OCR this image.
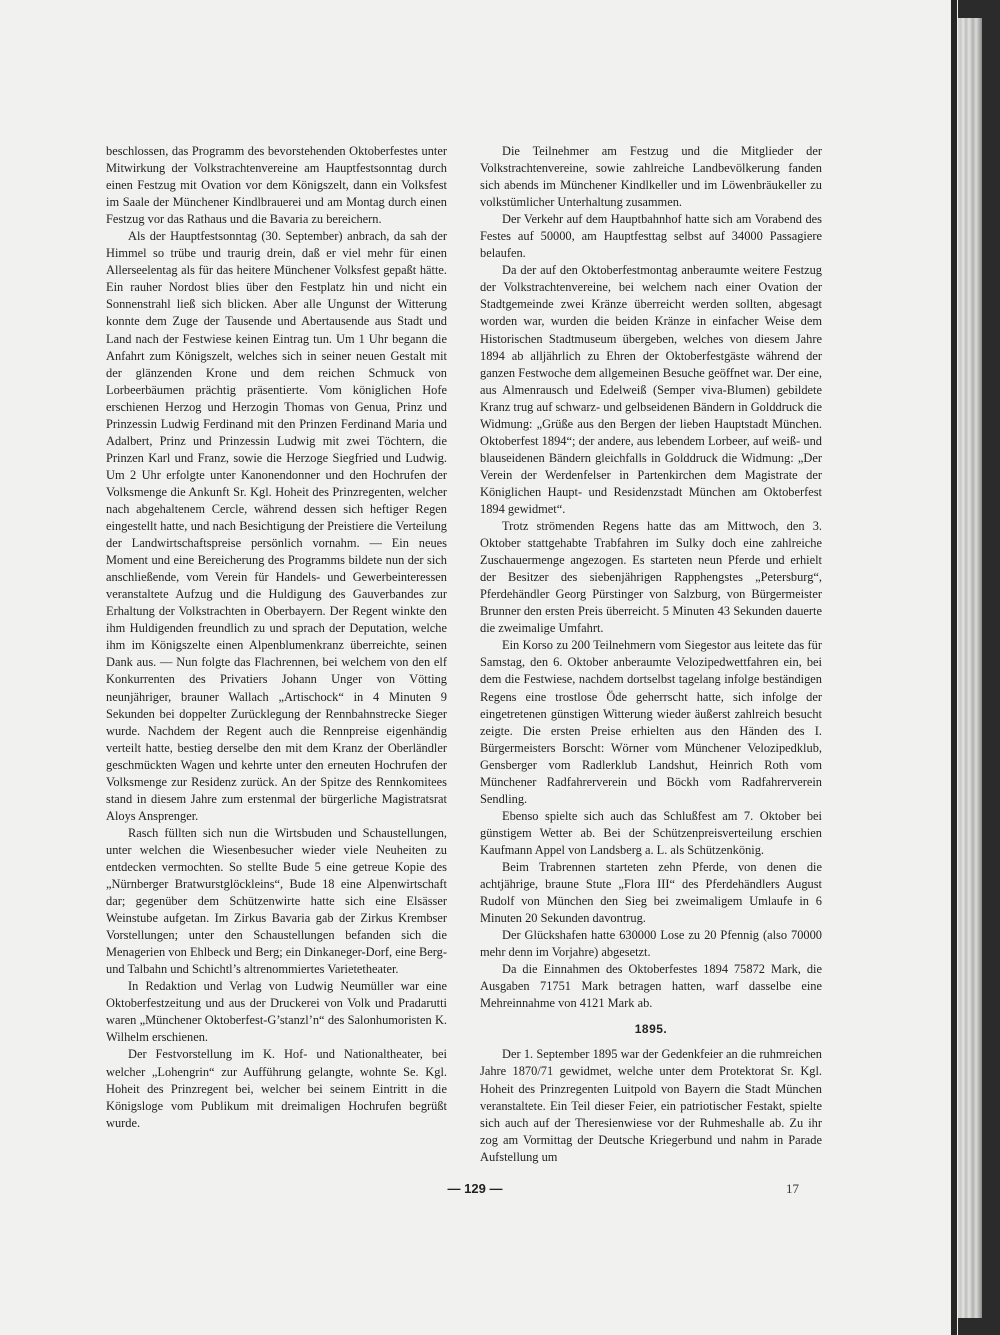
beschlossen, das Programm des bevorstehenden Oktoberfestes unter Mitwirkung der Volkstrachtenvereine am Hauptfestsonntag durch einen Festzug mit Ovation vor dem Königszelt, dann ein Volksfest im Saale der Münchener Kindlbrauerei und am Montag durch einen Festzug vor das Rathaus und die Bavaria zu bereichern.

Als der Hauptfestsonntag (30. September) anbrach, da sah der Himmel so trübe und traurig drein, daß er viel mehr für einen Allerseelentag als für das heitere Münchener Volksfest gepaßt hätte. Ein rauher Nordost blies über den Festplatz hin und nicht ein Sonnenstrahl ließ sich blicken. Aber alle Ungunst der Witterung konnte dem Zuge der Tausende und Abertausende aus Stadt und Land nach der Festwiese keinen Eintrag tun. Um 1 Uhr begann die Anfahrt zum Königszelt, welches sich in seiner neuen Gestalt mit der glänzenden Krone und dem reichen Schmuck von Lorbeerbäumen prächtig präsentierte. Vom königlichen Hofe erschienen Herzog und Herzogin Thomas von Genua, Prinz und Prinzessin Ludwig Ferdinand mit den Prinzen Ferdinand Maria und Adalbert, Prinz und Prinzessin Ludwig mit zwei Töchtern, die Prinzen Karl und Franz, sowie die Herzoge Siegfried und Ludwig. Um 2 Uhr erfolgte unter Kanonendonner und den Hochrufen der Volksmenge die Ankunft Sr. Kgl. Hoheit des Prinzregenten, welcher nach abgehaltenem Cercle, während dessen sich heftiger Regen eingestellt hatte, und nach Besichtigung der Preistiere die Verteilung der Landwirtschaftspreise persönlich vornahm. — Ein neues Moment und eine Bereicherung des Programms bildete nun der sich anschließende, vom Verein für Handels- und Gewerbeinteressen veranstaltete Aufzug und die Huldigung des Gauverbandes zur Erhaltung der Volkstrachten in Oberbayern. Der Regent winkte den ihm Huldigenden freundlich zu und sprach der Deputation, welche ihm im Königszelte einen Alpenblumenkranz überreichte, seinen Dank aus. — Nun folgte das Flachrennen, bei welchem von den elf Konkurrenten des Privatiers Johann Unger von Vötting neunjähriger, brauner Wallach „Artischock“ in 4 Minuten 9 Sekunden bei doppelter Zurücklegung der Rennbahnstrecke Sieger wurde. Nachdem der Regent auch die Rennpreise eigenhändig verteilt hatte, bestieg derselbe den mit dem Kranz der Oberländler geschmückten Wagen und kehrte unter den erneuten Hochrufen der Volksmenge zur Residenz zurück. An der Spitze des Rennkomitees stand in diesem Jahre zum erstenmal der bürgerliche Magistratsrat Aloys Ansprenger.

Rasch füllten sich nun die Wirtsbuden und Schaustellungen, unter welchen die Wiesenbesucher wieder viele Neuheiten zu entdecken vermochten. So stellte Bude 5 eine getreue Kopie des „Nürnberger Bratwurstglöckleins“, Bude 18 eine Alpenwirtschaft dar; gegenüber dem Schützenwirte hatte sich eine Elsässer Weinstube aufgetan. Im Zirkus Bavaria gab der Zirkus Krembser Vorstellungen; unter den Schaustellungen befanden sich die Menagerien von Ehlbeck und Berg; ein Dinkaneger-Dorf, eine Berg- und Talbahn und Schichtl’s altrenommiertes Varietetheater.

In Redaktion und Verlag von Ludwig Neumüller war eine Oktoberfestzeitung und aus der Druckerei von Volk und Pradarutti waren „Münchener Oktoberfest-G’stanzl’n“ des Salonhumoristen K. Wilhelm erschienen.

Der Festvorstellung im K. Hof- und Nationaltheater, bei welcher „Lohengrin“ zur Aufführung gelangte, wohnte Se. Kgl. Hoheit des Prinzregent bei, welcher bei seinem Eintritt in die Königsloge vom Publikum mit dreimaligen Hochrufen begrüßt wurde.

Die Teilnehmer am Festzug und die Mitglieder der Volkstrachtenvereine, sowie zahlreiche Landbevölkerung fanden sich abends im Münchener Kindlkeller und im Löwenbräukeller zu volkstümlicher Unterhaltung zusammen.

Der Verkehr auf dem Hauptbahnhof hatte sich am Vorabend des Festes auf 50000, am Hauptfesttag selbst auf 34000 Passagiere belaufen.

Da der auf den Oktoberfestmontag anberaumte weitere Festzug der Volkstrachtenvereine, bei welchem nach einer Ovation der Stadtgemeinde zwei Kränze überreicht werden sollten, abgesagt worden war, wurden die beiden Kränze in einfacher Weise dem Historischen Stadtmuseum übergeben, welches von diesem Jahre 1894 ab alljährlich zu Ehren der Oktoberfestgäste während der ganzen Festwoche dem allgemeinen Besuche geöffnet war. Der eine, aus Almenrausch und Edelweiß (Semper viva-Blumen) gebildete Kranz trug auf schwarz- und gelbseidenen Bändern in Golddruck die Widmung: „Grüße aus den Bergen der lieben Hauptstadt München. Oktoberfest 1894“; der andere, aus lebendem Lorbeer, auf weiß- und blauseidenen Bändern gleichfalls in Golddruck die Widmung: „Der Verein der Werdenfelser in Partenkirchen dem Magistrate der Königlichen Haupt- und Residenzstadt München am Oktoberfest 1894 gewidmet“.

Trotz strömenden Regens hatte das am Mittwoch, den 3. Oktober stattgehabte Trabfahren im Sulky doch eine zahlreiche Zuschauermenge angezogen. Es starteten neun Pferde und erhielt der Besitzer des siebenjährigen Rapphengstes „Petersburg“, Pferdehändler Georg Pürstinger von Salzburg, von Bürgermeister Brunner den ersten Preis überreicht. 5 Minuten 43 Sekunden dauerte die zweimalige Umfahrt.

Ein Korso zu 200 Teilnehmern vom Siegestor aus leitete das für Samstag, den 6. Oktober anberaumte Velozipedwettfahren ein, bei dem die Festwiese, nachdem dortselbst tagelang infolge beständigen Regens eine trostlose Öde geherrscht hatte, sich infolge der eingetretenen günstigen Witterung wieder äußerst zahlreich besucht zeigte. Die ersten Preise erhielten aus den Händen des I. Bürgermeisters Borscht: Wörner vom Münchener Velozipedklub, Gensberger vom Radlerklub Landshut, Heinrich Roth vom Münchener Radfahrerverein und Böckh vom Radfahrerverein Sendling.

Ebenso spielte sich auch das Schlußfest am 7. Oktober bei günstigem Wetter ab. Bei der Schützenpreisverteilung erschien Kaufmann Appel von Landsberg a. L. als Schützenkönig.

Beim Trabrennen starteten zehn Pferde, von denen die achtjährige, braune Stute „Flora III“ des Pferdehändlers August Rudolf von München den Sieg bei zweimaligem Umlaufe in 6 Minuten 20 Sekunden davontrug.

Der Glückshafen hatte 630000 Lose zu 20 Pfennig (also 70000 mehr denn im Vorjahre) abgesetzt.

Da die Einnahmen des Oktoberfestes 1894 75872 Mark, die Ausgaben 71751 Mark betragen hatten, warf dasselbe eine Mehreinnahme von 4121 Mark ab.

1895.

Der 1. September 1895 war der Gedenkfeier an die ruhmreichen Jahre 1870/71 gewidmet, welche unter dem Protektorat Sr. Kgl. Hoheit des Prinzregenten Luitpold von Bayern die Stadt München veranstaltete. Ein Teil dieser Feier, ein patriotischer Festakt, spielte sich auch auf der Theresienwiese vor der Ruhmeshalle ab. Zu ihr zog am Vormittag der Deutsche Kriegerbund und nahm in Parade Aufstellung um

— 129 —	17
